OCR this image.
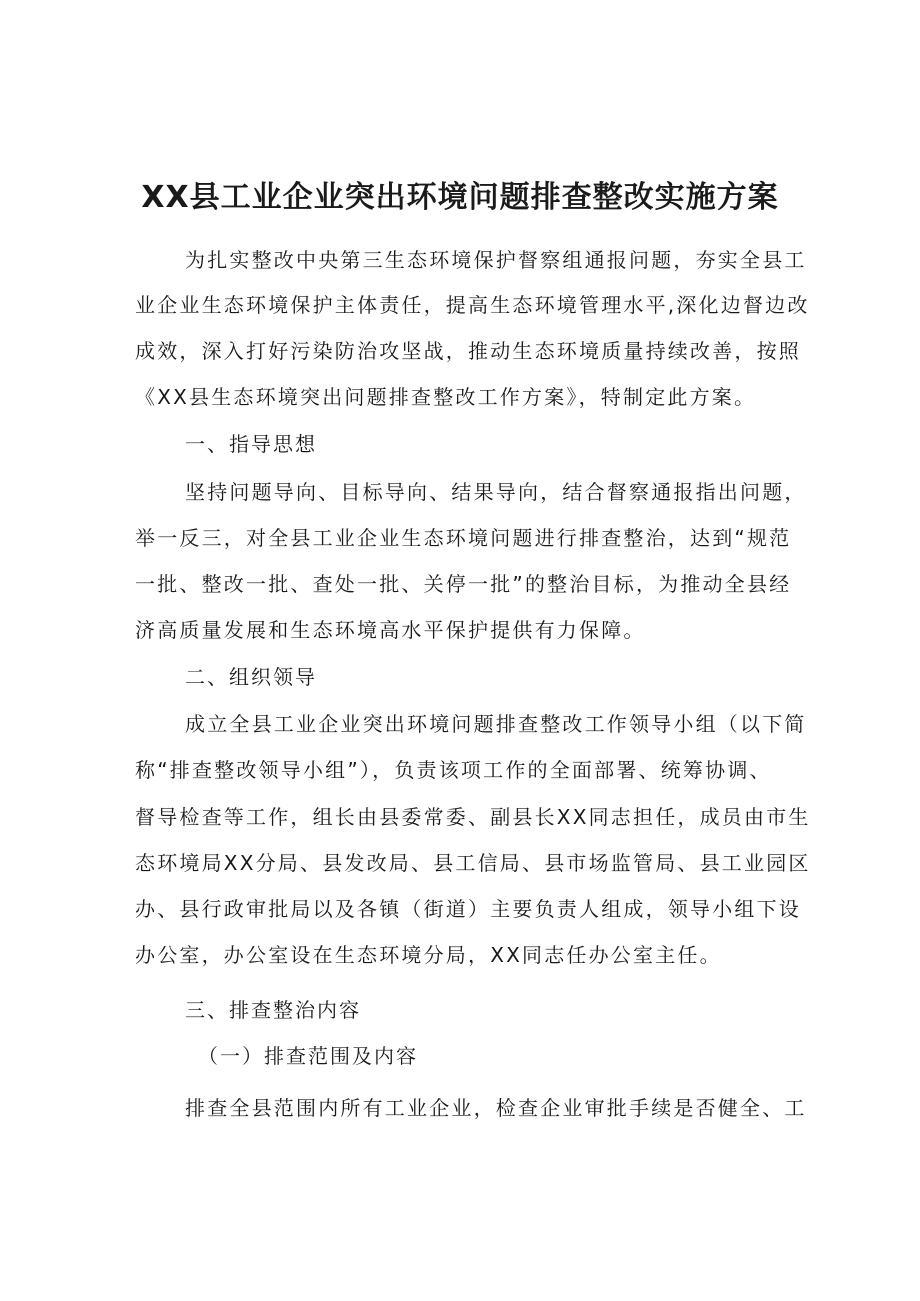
XX县工业企业突出环境问题排查整改实施方案
为扎实整改中央第三生态环境保护督察组通报问题，夯实全县工
业企业生态环境保护主体责任，提高生态环境管理水平,深化边督边改
成效，深入打好污染防治攻坚战，推动生态环境质量持续改善，按照
《XX县生态环境突出问题排查整改工作方案》，特制定此方案。
一、指导思想
坚持问题导向、目标导向、结果导向，结合督察通报指出问题，
举一反三，对全县工业企业生态环境问题进行排查整治，达到“规范
一批、整改一批、查处一批、关停一批”的整治目标，为推动全县经
济高质量发展和生态环境高水平保护提供有力保障。
二、组织领导
成立全县工业企业突出环境问题排查整改工作领导小组（以下简
称“排查整改领导小组”），负责该项工作的全面部署、统筹协调、
督导检查等工作，组长由县委常委、副县长XX同志担任，成员由市生
态环境局XX分局、县发改局、县工信局、县市场监管局、县工业园区
办、县行政审批局以及各镇（街道）主要负责人组成，领导小组下设
办公室，办公室设在生态环境分局，XX同志任办公室主任。
三、排查整治内容
（一）排查范围及内容
排查全县范围内所有工业企业，检查企业审批手续是否健全、工
